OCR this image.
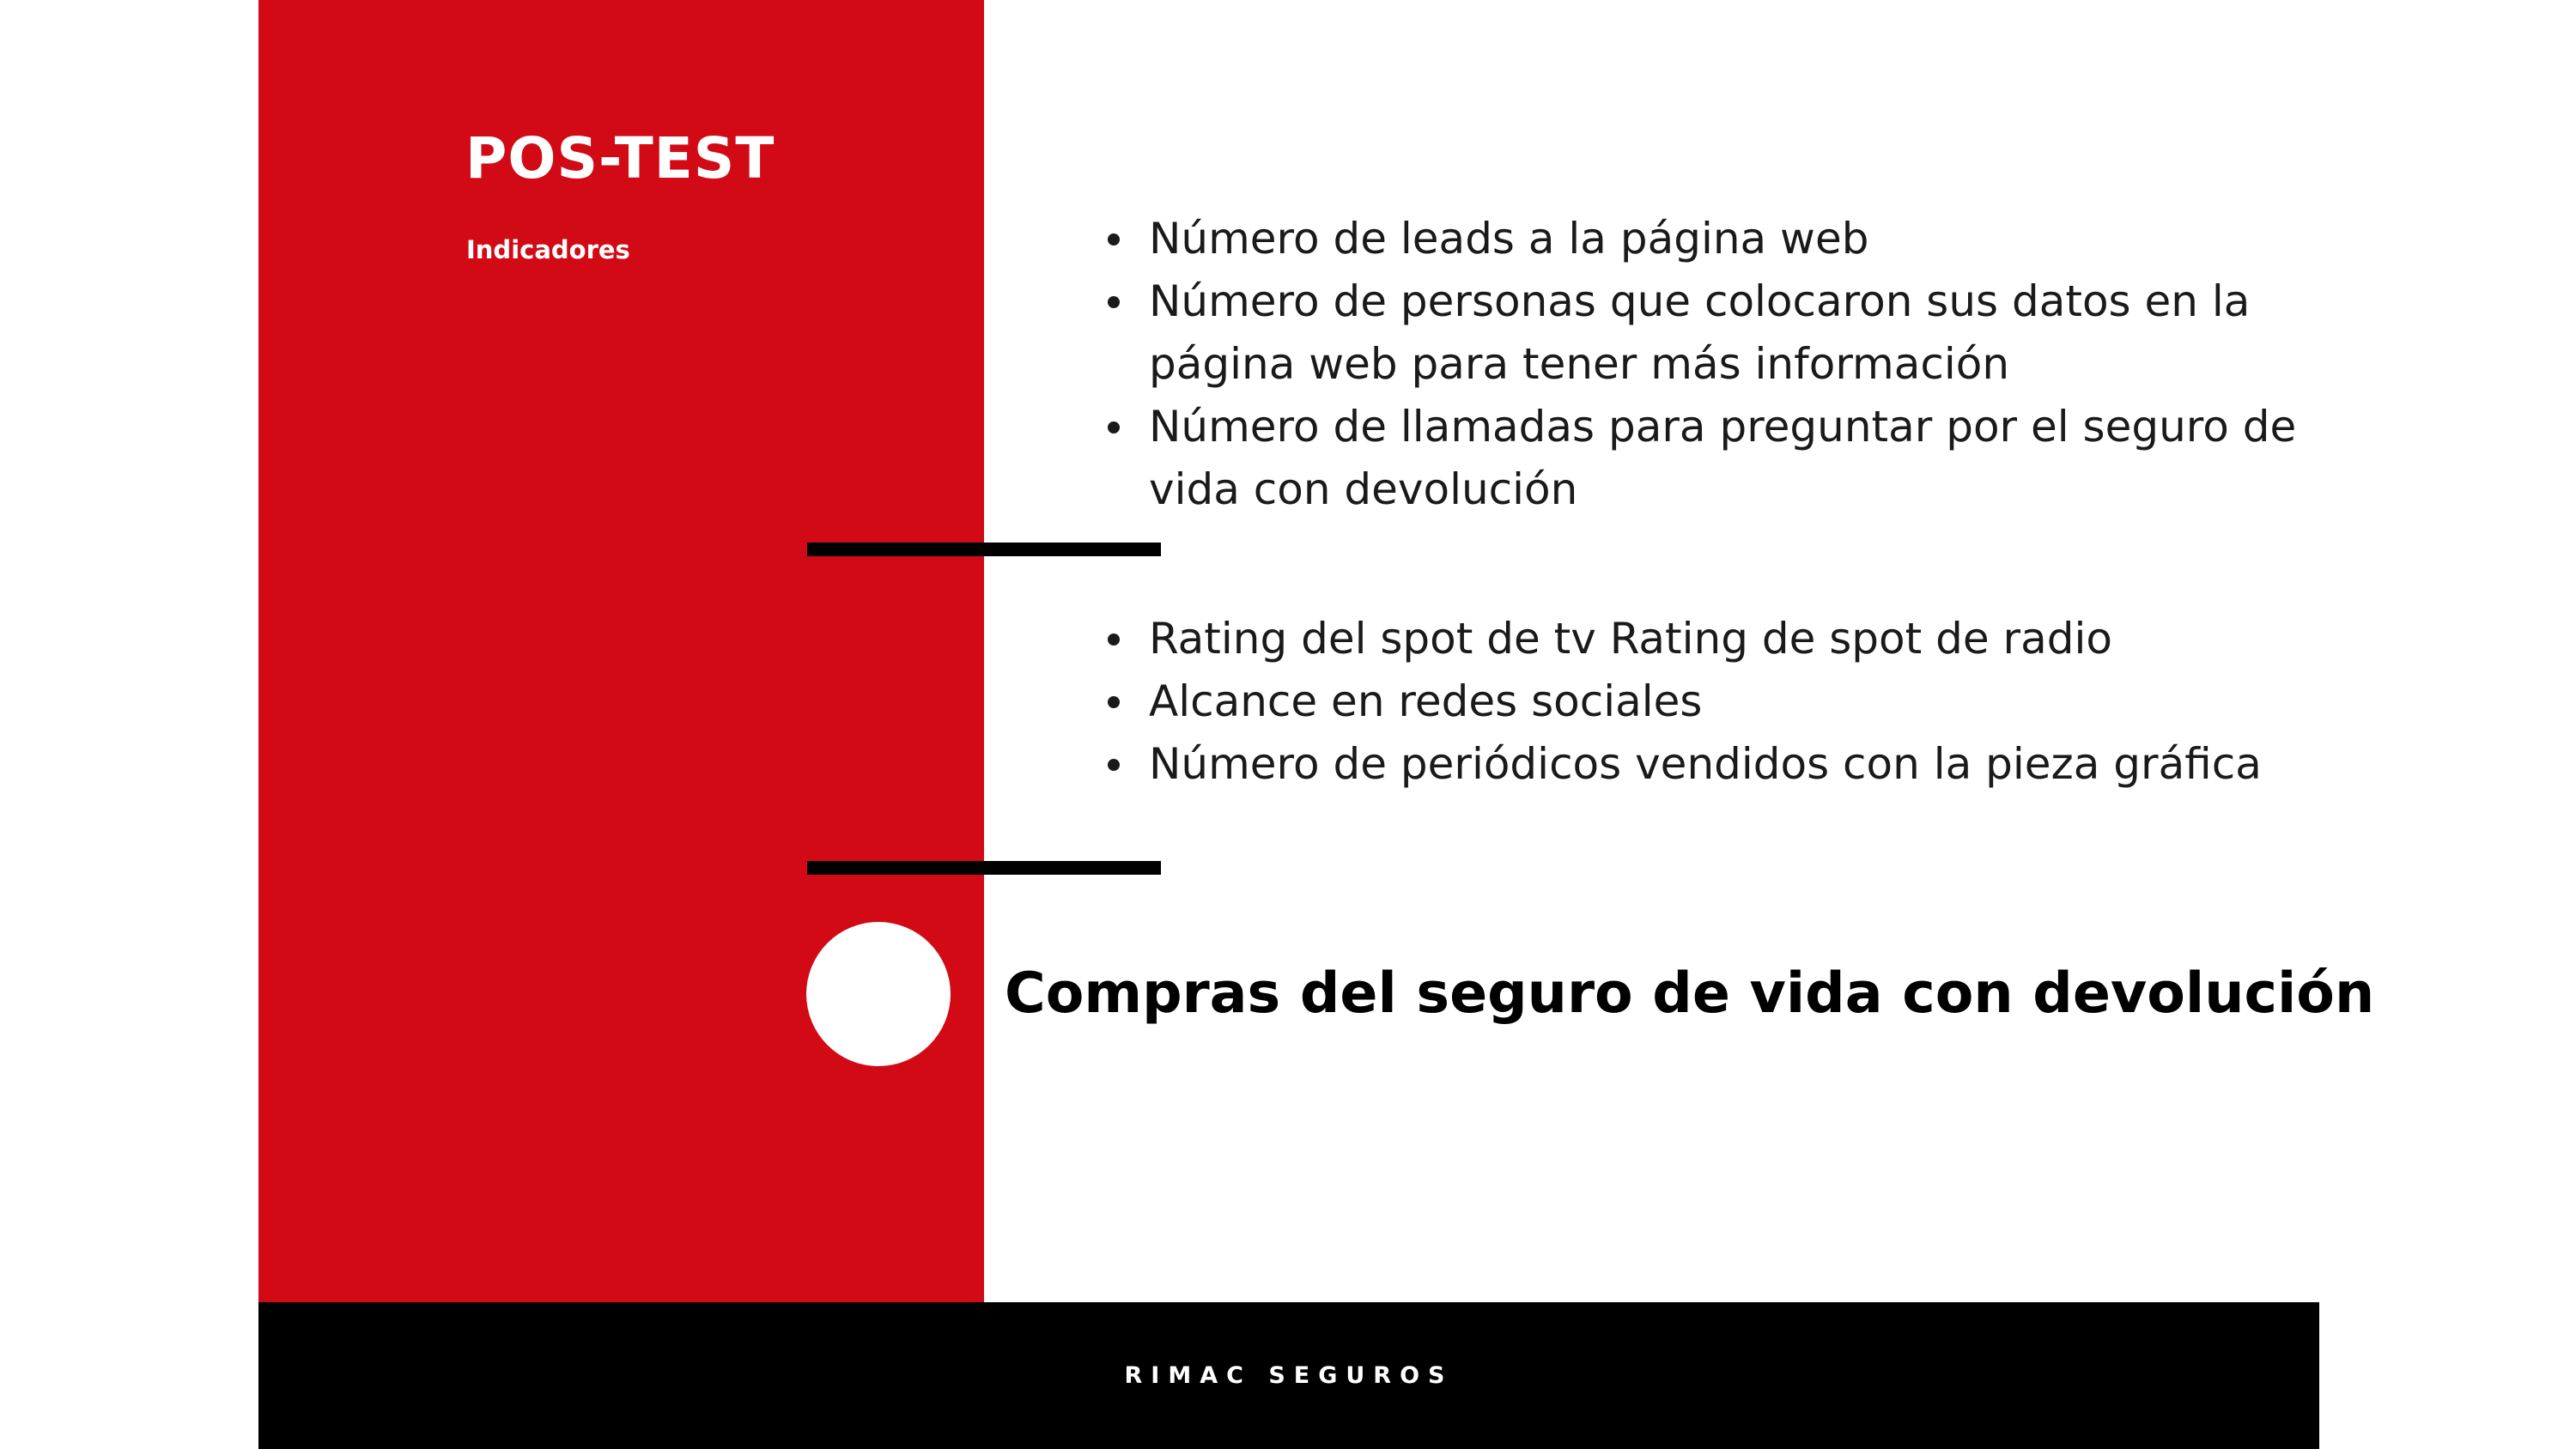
POS-TEST

Indicadores	Número de leads a la página web
Número de personas que colocaron sus datos en la página web para tener más información
Número de llamadas para preguntar por el seguro de vida con devolución
Rating del spot de tv Rating de spot de radio
Alcance en redes sociales
Número de periódicos vendidos con la pieza gráfica

Compras del seguro de vida con devolución

RIMAC SEGUROS
